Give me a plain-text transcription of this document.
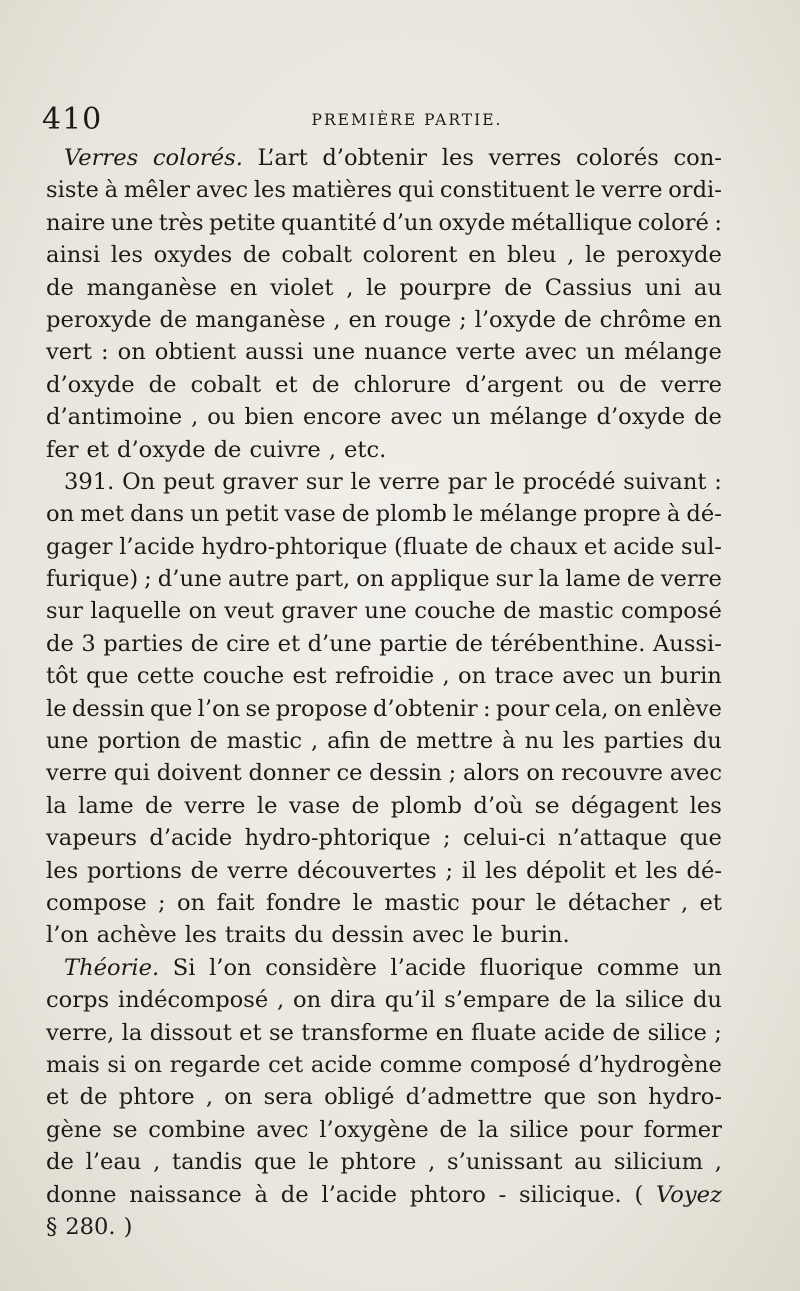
410	PREMIÈRE PARTIE.
Verres colorés. L’art d’obtenir les verres colorés con-
siste à mêler avec les matières qui constituent le verre ordi-
naire une très petite quantité d’un oxyde métallique coloré :
ainsi les oxydes de cobalt colorent en bleu , le peroxyde
de manganèse en violet , le pourpre de Cassius uni au
peroxyde de manganèse , en rouge ; l’oxyde de chrôme en
vert : on obtient aussi une nuance verte avec un mélange
d’oxyde de cobalt et de chlorure d’argent ou de verre
d’antimoine , ou bien encore avec un mélange d’oxyde de
fer et d’oxyde de cuivre , etc.
391. On peut graver sur le verre par le procédé suivant :
on met dans un petit vase de plomb le mélange propre à dé-
gager l’acide hydro-phtorique (fluate de chaux et acide sul-
furique) ; d’une autre part, on applique sur la lame de verre
sur laquelle on veut graver une couche de mastic composé
de 3 parties de cire et d’une partie de térébenthine. Aussi-
tôt que cette couche est refroidie , on trace avec un burin
le dessin que l’on se propose d’obtenir : pour cela, on enlève
une portion de mastic , afin de mettre à nu les parties du
verre qui doivent donner ce dessin ; alors on recouvre avec
la lame de verre le vase de plomb d’où se dégagent les
vapeurs d’acide hydro-phtorique ; celui-ci n’attaque que
les portions de verre découvertes ; il les dépolit et les dé-
compose ; on fait fondre le mastic pour le détacher , et
l’on achève les traits du dessin avec le burin.
Théorie. Si l’on considère l’acide fluorique comme un
corps indécomposé , on dira qu’il s’empare de la silice du
verre, la dissout et se transforme en fluate acide de silice ;
mais si on regarde cet acide comme composé d’hydrogène
et de phtore , on sera obligé d’admettre que son hydro-
gène se combine avec l’oxygène de la silice pour former
de l’eau , tandis que le phtore , s’unissant au silicium ,
donne naissance à de l’acide phtoro - silicique. ( Voyez
§ 280. )
